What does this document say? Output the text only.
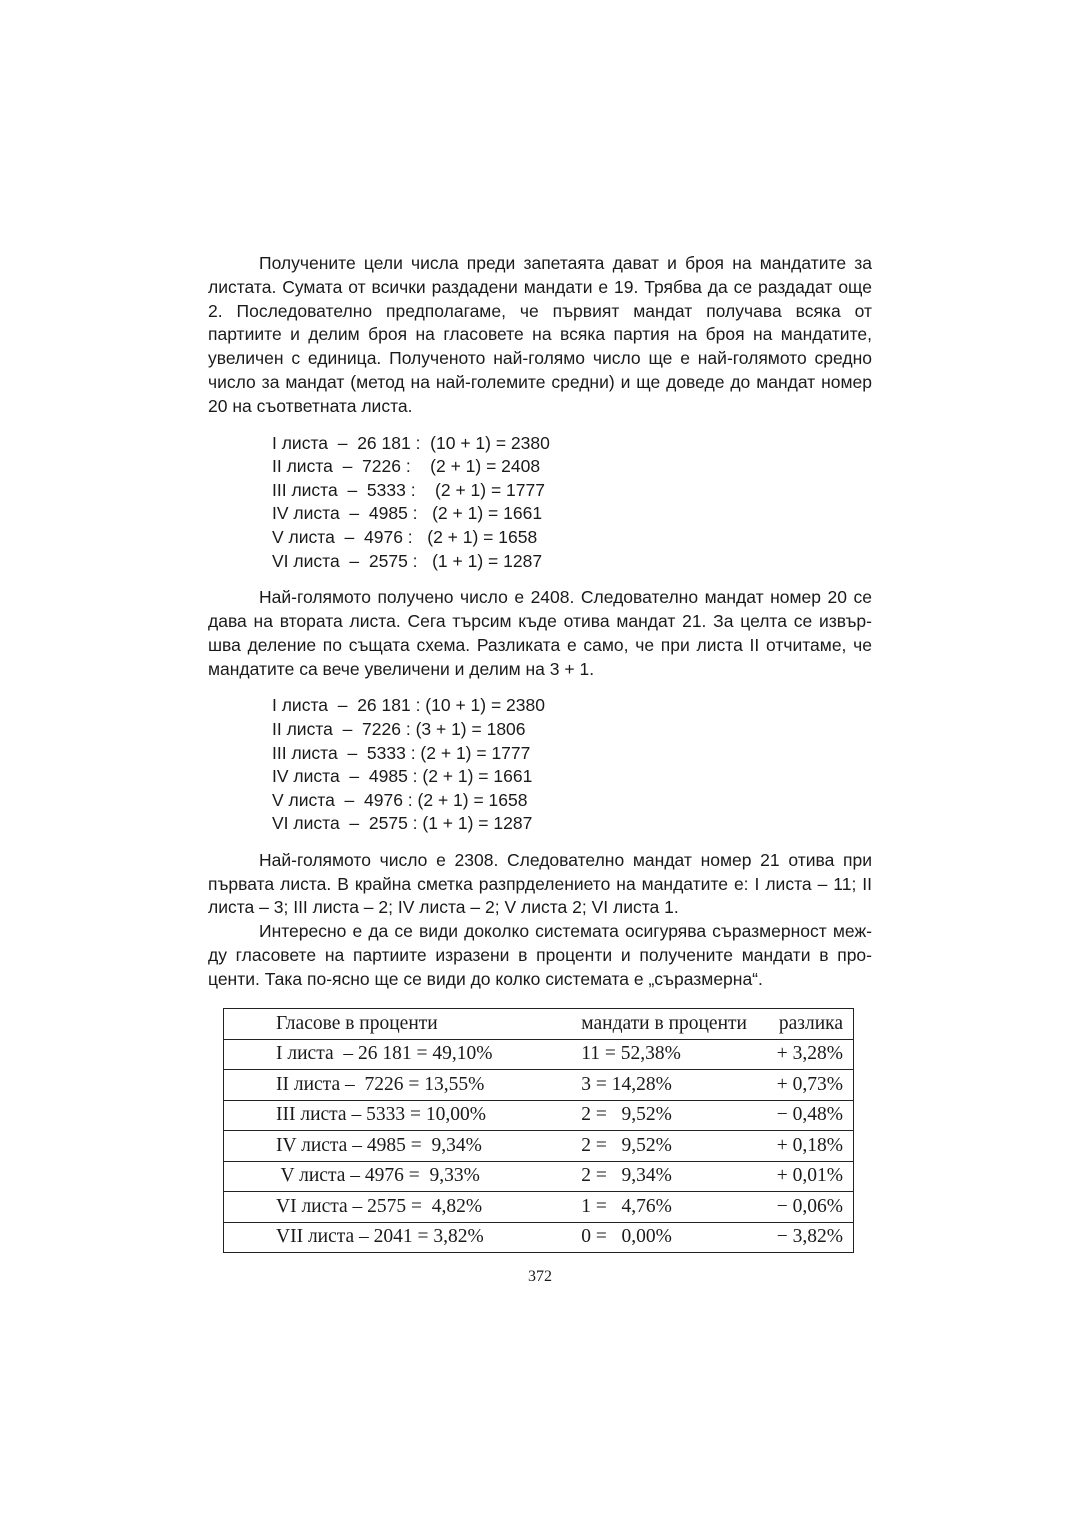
Получените цели числа преди запетаята дават и броя на мандатите за листата. Сумата от всички раздадени мандати е 19. Трябва да се раздадат още 2. Последователно предполагаме, че първият мандат получава всяка от партиите и делим броя на гласовете на всяка партия на броя на мандатите, увеличен с единица. Полученото най-голямо число ще е най-голямото средно число за мандат (метод на най-големите средни) и ще доведе до мандат номер 20 на съответната листа.

I листа  –  26 181 :  (10 + 1) = 2380
II листа  –  7226 :    (2 + 1) = 2408
III листа  –  5333 :    (2 + 1) = 1777
IV листа  –  4985 :   (2 + 1) = 1661
V листа  –  4976 :   (2 + 1) = 1658
VI листа  –  2575 :   (1 + 1) = 1287

Най-голямото получено число е 2408. Следователно мандат номер 20 се дава на втората листа. Сега търсим къде отива мандат 21. За целта се извър-шва деление по същата схема. Разликата е само, че при листа II отчитаме, че мандатите са вече увеличени и делим на 3 + 1.

I листа  –  26 181 : (10 + 1) = 2380
II листа  –  7226 : (3 + 1) = 1806
III листа  –  5333 : (2 + 1) = 1777
IV листа  –  4985 : (2 + 1) = 1661
V листа  –  4976 : (2 + 1) = 1658
VI листа  –  2575 : (1 + 1) = 1287

Най-голямото число е 2308. Следователно мандат номер 21 отива при първата листа. В крайна сметка разпрделението на мандатите е: I листа – 11; II листа – 3; III листа – 2; IV листа – 2; V листа 2; VI листа 1.

Интересно е да се види доколко системата осигурява съразмерност меж-ду гласовете на партиите изразени в проценти и получените мандати в про-центи. Така по-ясно ще се види до колко системата е „съразмерна“.

Гласове в проценти	мандати в проценти	разлика
I листа  – 26 181 = 49,10%	11 = 52,38%	+ 3,28%
II листа –  7226 = 13,55%	3 = 14,28%	+ 0,73%
III листа – 5333 = 10,00%	2 =   9,52%	− 0,48%
IV листа – 4985 =  9,34%	2 =   9,52%	+ 0,18%
V листа – 4976 =  9,33%	2 =   9,34%	+ 0,01%
VI листа – 2575 =  4,82%	1 =   4,76%	− 0,06%
VII листа – 2041 = 3,82%	0 =   0,00%	− 3,82%
372
